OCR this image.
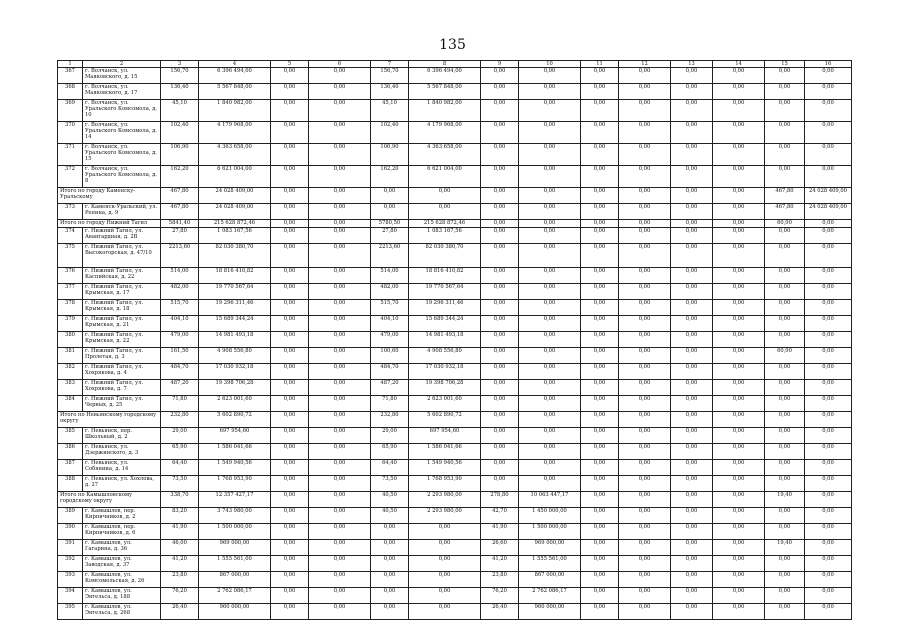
135
1	2	3	4	5	6	7	8	9	10	11	12	13	14	15	16
367	г. Волчанск, ул. Маяковского, д. 15	156,70	6 396 494,00	0,00	0,00	156,70	6 396 494,00	0,00	0,00	0,00	0,00	0,00	0,00	0,00	0,00
368	г. Волчанск, ул. Маяковского, д. 17	136,40	5 567 848,00	0,00	0,00	136,40	5 567 848,00	0,00	0,00	0,00	0,00	0,00	0,00	0,00	0,00
369	г. Волчанск, ул. Уральского Комсомола, д. 10	45,10	1 840 982,00	0,00	0,00	45,10	1 840 982,00	0,00	0,00	0,00	0,00	0,00	0,00	0,00	0,00
370	г. Волчанск, ул. Уральского Комсомола, д. 14	102,40	4 179 968,00	0,00	0,00	102,40	4 179 968,00	0,00	0,00	0,00	0,00	0,00	0,00	0,00	0,00
371	г. Волчанск, ул. Уральского Комсомола, д. 15	106,90	4 363 658,00	0,00	0,00	106,90	4 363 658,00	0,00	0,00	0,00	0,00	0,00	0,00	0,00	0,00
372	г. Волчанск, ул. Уральского Комсомола, д. 8	162,20	6 621 004,00	0,00	0,00	162,20	6 621 004,00	0,00	0,00	0,00	0,00	0,00	0,00	0,00	0,00
Итого по городу Каменску-Уральскому		467,80	24 028 409,00	0,00	0,00	0,00	0,00	0,00	0,00	0,00	0,00	0,00	0,00	467,80	24 028 409,00
373	г. Каменск-Уральский, ул. Репина, д. 9	467,80	24 028 409,00	0,00	0,00	0,00	0,00	0,00	0,00	0,00	0,00	0,00	0,00	467,80	24 028 409,00
Итого по городу Нижний Тагил		5841,40	215 628 872,46	0,00	0,00	5780,50	215 628 872,46	0,00	0,00	0,00	0,00	0,00	0,00	60,90	0,00
374	г. Нижний Тагил, ул. Авангардная, д. 2В	27,80	1 083 167,56	0,00	0,00	27,80	1 083 167,56	0,00	0,00	0,00	0,00	0,00	0,00	0,00	0,00
375	г. Нижний Тагил, ул. Высокогорская, д. 47/10	2213,60	82 030 380,70	0,00	0,00	2213,60	82 030 380,70	0,00	0,00	0,00	0,00	0,00	0,00	0,00	0,00
376	г. Нижний Тагил, ул. Каспийская, д. 22	514,00	18 816 410,82	0,00	0,00	514,00	18 816 410,82	0,00	0,00	0,00	0,00	0,00	0,00	0,00	0,00
377	г. Нижний Тагил, ул. Крымская, д. 17	482,00	19 770 567,64	0,00	0,00	482,00	19 770 567,64	0,00	0,00	0,00	0,00	0,00	0,00	0,00	0,00
378	г. Нижний Тагил, ул. Крымская, д. 18	515,70	19 296 311,46	0,00	0,00	515,70	19 296 311,46	0,00	0,00	0,00	0,00	0,00	0,00	0,00	0,00
379	г. Нижний Тагил, ул. Крымская, д. 21	404,10	15 689 344,24	0,00	0,00	404,10	15 689 344,24	0,00	0,00	0,00	0,00	0,00	0,00	0,00	0,00
380	г. Нижний Тагил, ул. Крымская, д. 22	479,00	14 981 493,18	0,00	0,00	479,00	14 981 493,18	0,00	0,00	0,00	0,00	0,00	0,00	0,00	0,00
381	г. Нижний Тагил, ул. Пролетая, д. 3	161,50	4 908 556,80	0,00	0,00	100,60	4 908 556,80	0,00	0,00	0,00	0,00	0,00	0,00	60,90	0,00
382	г. Нижний Тагил, ул. Хохрякова, д. 4	484,70	17 030 932,18	0,00	0,00	484,70	17 030 932,18	0,00	0,00	0,00	0,00	0,00	0,00	0,00	0,00
383	г. Нижний Тагил, ул. Хохрякова, д. 7	487,20	19 398 706,28	0,00	0,00	487,20	19 398 706,28	0,00	0,00	0,00	0,00	0,00	0,00	0,00	0,00
384	г. Нижний Тагил, ул. Черных, д. 25	71,80	2 623 001,60	0,00	0,00	71,80	2 623 001,60	0,00	0,00	0,00	0,00	0,00	0,00	0,00	0,00
Итого по Невьянскому городскому округу		232,80	5 602 890,72	0,00	0,00	232,80	5 602 890,72	0,00	0,00	0,00	0,00	0,00	0,00	0,00	0,00
385	г. Невьянск, пер. Школьный, д. 2	29,00	697 954,60	0,00	0,00	29,00	697 954,60	0,00	0,00	0,00	0,00	0,00	0,00	0,00	0,00
386	г. Невьянск, ул. Дзержинского, д. 3	65,90	1 586 041,66	0,00	0,00	65,90	1 586 041,66	0,00	0,00	0,00	0,00	0,00	0,00	0,00	0,00
387	г. Невьянск, ул. Собянина, д. 14	64,40	1 549 940,56	0,00	0,00	64,40	1 549 940,56	0,00	0,00	0,00	0,00	0,00	0,00	0,00	0,00
388	г. Невьянск, ул. Хохлова, д. 27	73,50	1 768 953,90	0,00	0,00	73,50	1 768 953,90	0,00	0,00	0,00	0,00	0,00	0,00	0,00	0,00
Итого по Камышловскому городскому округу		338,70	12 357 427,17	0,00	0,00	40,50	2 293 980,00	278,80	10 063 447,17	0,00	0,00	0,00	0,00	19,40	0,00
389	г. Камышлов, пер. Кирпичников, д. 2	83,20	3 743 980,00	0,00	0,00	40,50	2 293 980,00	42,70	1 450 000,00	0,00	0,00	0,00	0,00	0,00	0,00
390	г. Камышлов, пер. Кирпичников, д. 6	41,90	1 500 000,00	0,00	0,00	0,00	0,00	41,90	1 500 000,00	0,00	0,00	0,00	0,00	0,00	0,00
391	г. Камышлов, ул. Гагарина, д. 36	46,00	969 000,00	0,00	0,00	0,00	0,00	26,60	969 000,00	0,00	0,00	0,00	0,00	19,40	0,00
392	г. Камышлов, ул. Заводская, д. 37	41,20	1 555 561,00	0,00	0,00	0,00	0,00	41,20	1 555 561,00	0,00	0,00	0,00	0,00	0,00	0,00
393	г. Камышлов, ул. Комсомольская, д. 26	23,80	867 000,00	0,00	0,00	0,00	0,00	23,80	867 000,00	0,00	0,00	0,00	0,00	0,00	0,00
394	г. Камышлов, ул. Энгельса, д. 188	76,20	2 762 086,17	0,00	0,00	0,00	0,00	76,20	2 762 086,17	0,00	0,00	0,00	0,00	0,00	0,00
395	г. Камышлов, ул. Энгельса, д. 268	26,40	960 000,00	0,00	0,00	0,00	0,00	26,40	960 000,00	0,00	0,00	0,00	0,00	0,00	0,00
